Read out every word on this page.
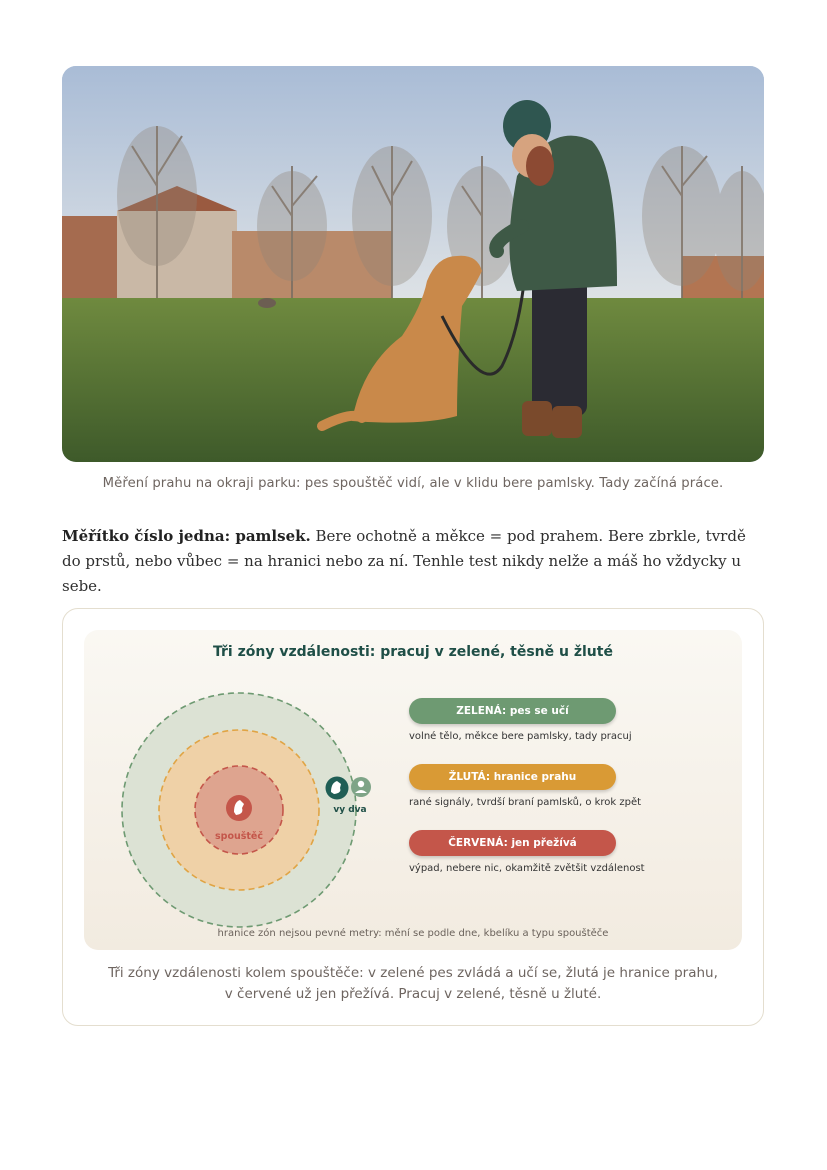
Měření prahu na okraji parku: pes spouštěč vidí, ale v klidu bere pamlsky. Tady začíná práce.

Měřítko číslo jedna: pamlsek. Bere ochotně a měkce = pod prahem. Bere zbrkle, tvrdě do prstů, nebo vůbec = na hranici nebo za ní. Tenhle test nikdy nelže a máš ho vždycky u sebe.

Tři zóny vzdálenosti: pracuj v zelené, těsně u žluté
spouštěč
vy dva
ZELENÁ: pes se učí
volné tělo, měkce bere pamlsky, tady pracuj
ŽLUTÁ: hranice prahu
rané signály, tvrdší braní pamlsků, o krok zpět
ČERVENÁ: jen přežívá
výpad, nebere nic, okamžitě zvětšit vzdálenost
hranice zón nejsou pevné metry: mění se podle dne, kbelíku a typu spouštěče
Tři zóny vzdálenosti kolem spouštěče: v zelené pes zvládá a učí se, žlutá je hranice prahu, v červené už jen přežívá. Pracuj v zelené, těsně u žluté.
